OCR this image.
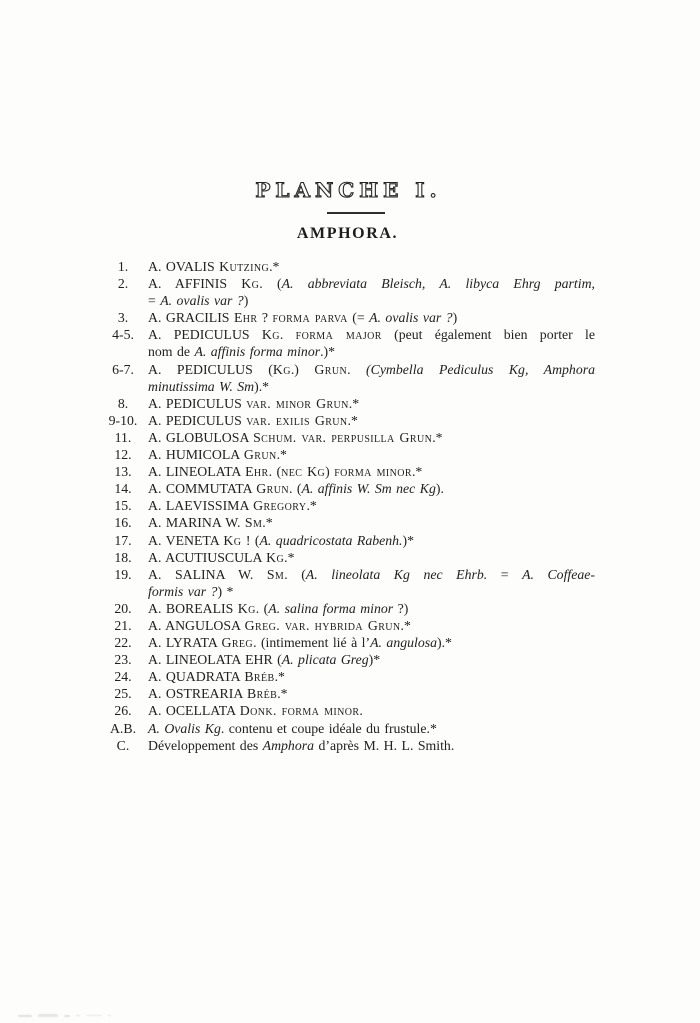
PLANCHE I.
AMPHORA.
1.	A. OVALIS Kutzing.*
2.	A. AFFINIS Kg. (A. abbreviata Bleisch, A. libyca Ehrg partim,
= A. ovalis var ?)
3.	A. GRACILIS Ehr ? forma parva (= A. ovalis var ?)
4-5.	A. PEDICULUS Kg. forma major (peut également bien porter le
nom de A. affinis forma minor.)*
6-7.	A. PEDICULUS (Kg.) Grun. (Cymbella Pediculus Kg, Amphora
minutissima W. Sm).*
8.	A. PEDICULUS var. minor Grun.*
9-10. A. PEDICULUS var. exilis Grun.*
11.	A. GLOBULOSA Schum. var. perpusilla Grun.*
12.	A. HUMICOLA Grun.*
13.	A. LINEOLATA Ehr. (nec Kg) forma minor.*
14.	A. COMMUTATA Grun. (A. affinis W. Sm nec Kg).
15.	A. LAEVISSIMA Gregory.*
16.	A. MARINA W. Sm.*
17.	A. VENETA Kg ! (A. quadricostata Rabenh.)*
18.	A. ACUTIUSCULA Kg.*
19.	A. SALINA W. Sm. (A. lineolata Kg nec Ehrb. = A. Coffeae-
formis var ?) *
20.	A. BOREALIS Kg. (A. salina forma minor ?)
21.	A. ANGULOSA Greg. var. hybrida Grun.*
22.	A. LYRATA Greg. (intimement lié à l’A. angulosa).*
23.	A. LINEOLATA EHR (A. plicata Greg)*
24.	A. QUADRATA Bréb.*
25.	A. OSTREARIA Bréb.*
26.	A. OCELLATA Donk. forma minor.
A.B. A. Ovalis Kg. contenu et coupe idéale du frustule.*
C.	Développement des Amphora d’après M. H. L. Smith.
